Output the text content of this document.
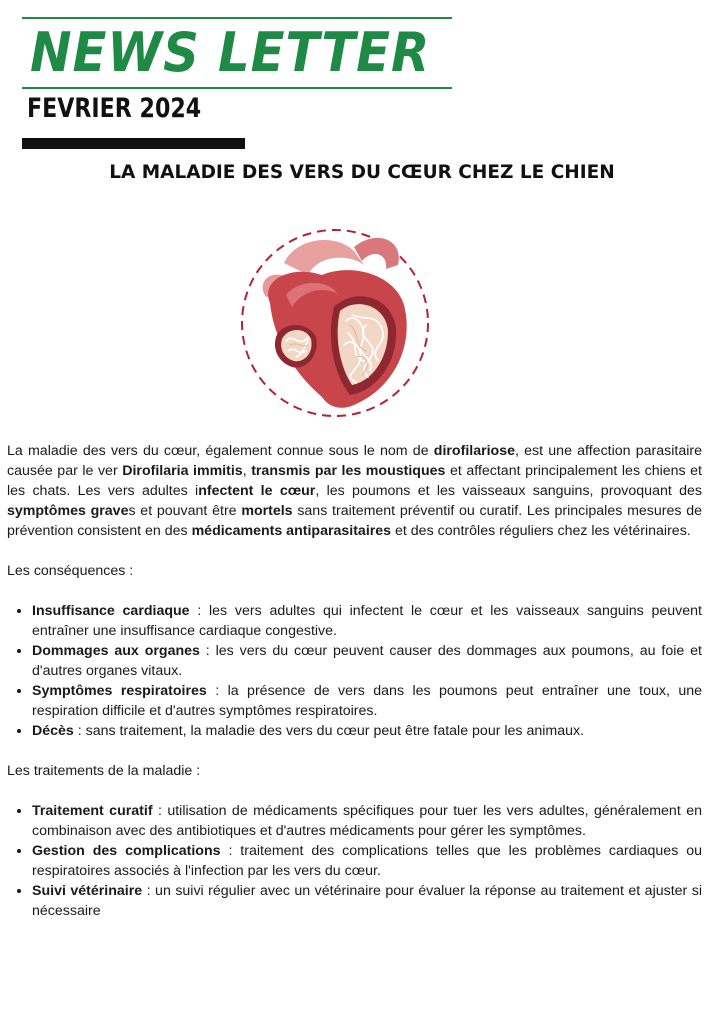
NEWS LETTER
FEVRIER 2024
LA MALADIE DES VERS DU CŒUR CHEZ LE CHIEN

La maladie des vers du cœur, également connue sous le nom de dirofilariose, est une affection parasitaire causée par le ver Dirofilaria immitis, transmis par les moustiques et affectant principalement les chiens et les chats. Les vers adultes infectent le cœur, les poumons et les vaisseaux sanguins, provoquant des symptômes graves et pouvant être mortels sans traitement préventif ou curatif. Les principales mesures de prévention consistent en des médicaments antiparasitaires et des contrôles réguliers chez les vétérinaires.

Les conséquences :

• Insuffisance cardiaque : les vers adultes qui infectent le cœur et les vaisseaux sanguins peuvent entraîner une insuffisance cardiaque congestive.
• Dommages aux organes : les vers du cœur peuvent causer des dommages aux poumons, au foie et d'autres organes vitaux.
• Symptômes respiratoires : la présence de vers dans les poumons peut entraîner une toux, une respiration difficile et d'autres symptômes respiratoires.
• Décès : sans traitement, la maladie des vers du cœur peut être fatale pour les animaux.

Les traitements de la maladie :

• Traitement curatif : utilisation de médicaments spécifiques pour tuer les vers adultes, généralement en combinaison avec des antibiotiques et d'autres médicaments pour gérer les symptômes.
• Gestion des complications : traitement des complications telles que les problèmes cardiaques ou respiratoires associés à l'infection par les vers du cœur.
• Suivi vétérinaire : un suivi régulier avec un vétérinaire pour évaluer la réponse au traitement et ajuster si nécessaire
